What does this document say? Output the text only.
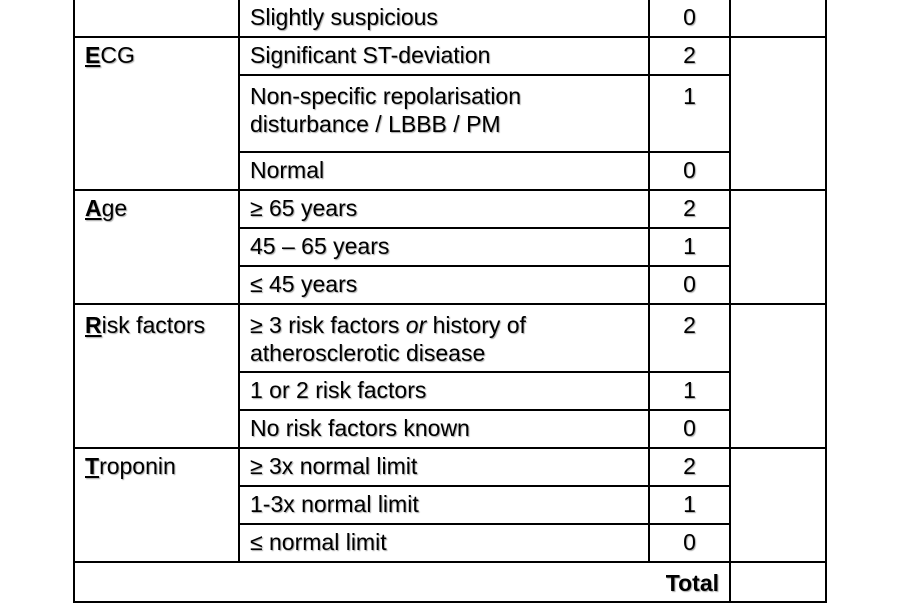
	Slightly suspicious	0	
ECG	Significant ST-deviation	2	
	Non-specific repolarisation disturbance / LBBB / PM	1	
	Normal	0	
Age	≥ 65 years	2	
	45 – 65 years	1	
	≤ 45 years	0	
Risk factors	≥ 3 risk factors or history of atherosclerotic disease	2	
	1 or 2 risk factors	1	
	No risk factors known	0	
Troponin	≥ 3x normal limit	2	
	1-3x normal limit	1	
	≤ normal limit	0	
Total			
